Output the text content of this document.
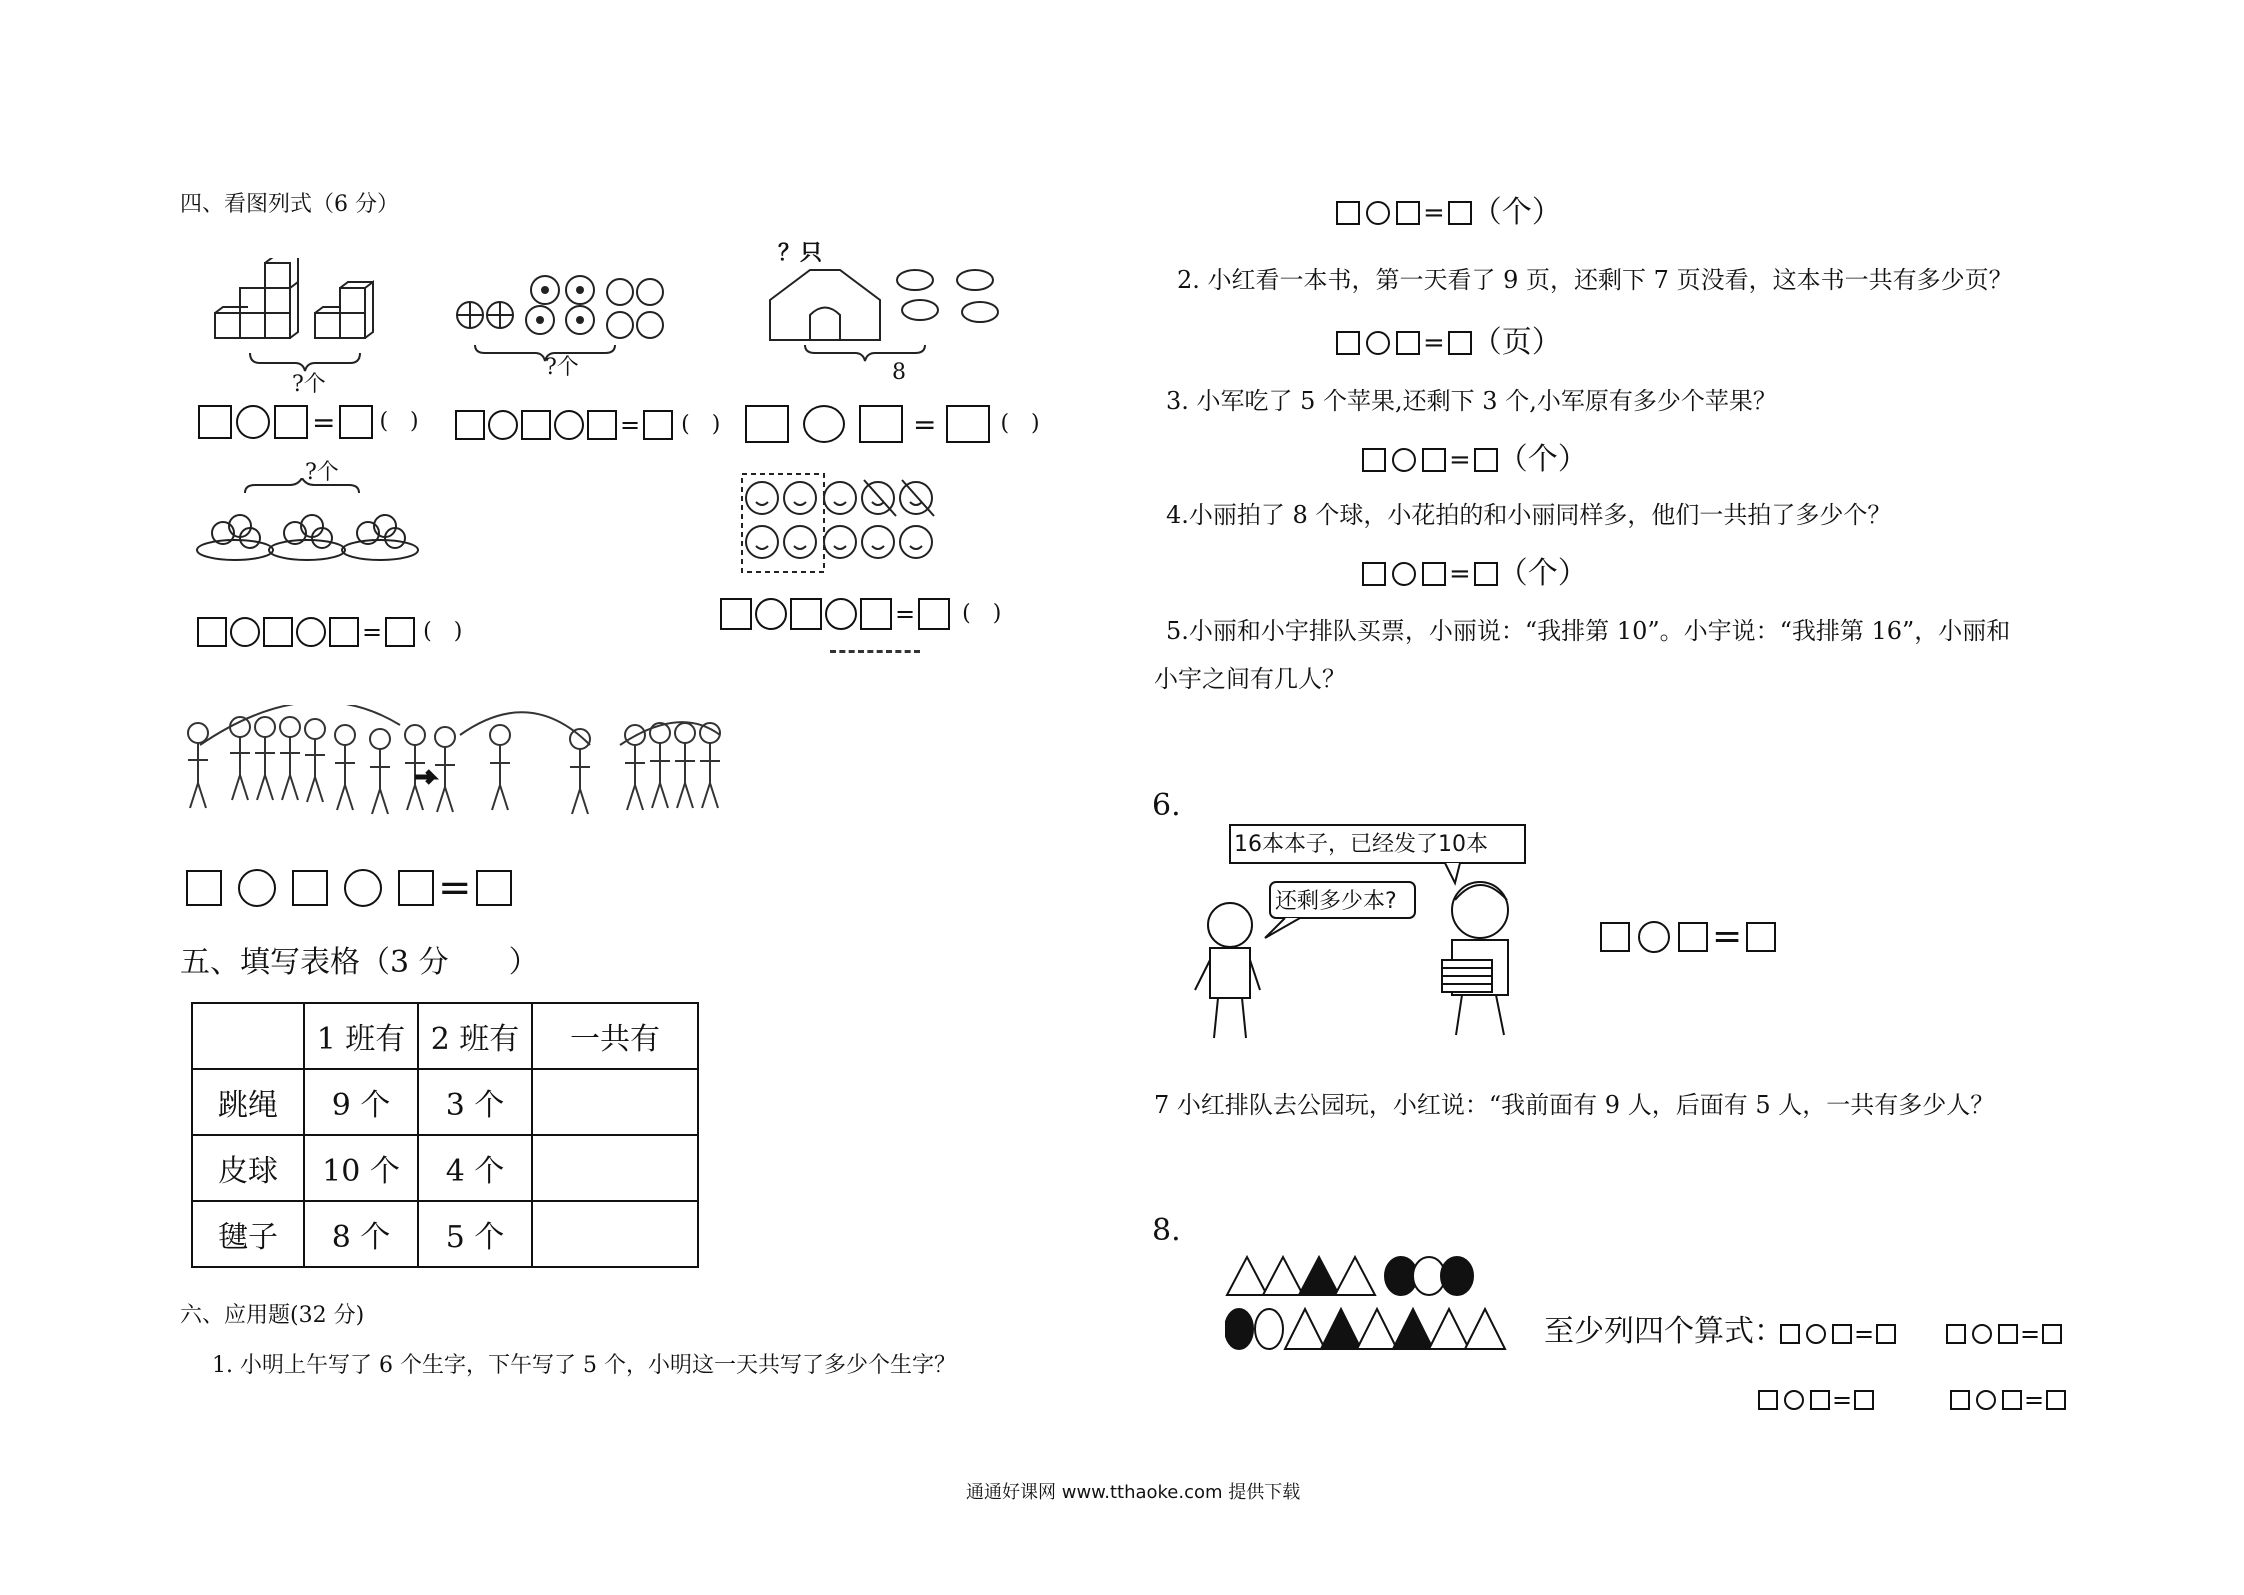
四、看图列式（6 分）
?个
?个
？只
8
= (　)	= (　)	=	(　)
?个
= (　)
= (　)
=
五、填写表格（3 分　　）
	1 班有	2 班有	一共有
跳绳	9 个	3 个	
皮球	10 个	4 个	
毽子	8 个	5 个	
六、应用题(32 分)
1. 小明上午写了 6 个生字，下午写了 5 个，小明这一天共写了多少个生字？
= （个）
2. 小红看一本书，第一天看了 9 页，还剩下 7 页没看，这本书一共有多少页？
= （页）
3. 小军吃了 5 个苹果,还剩下 3 个,小军原有多少个苹果？
= （个）
4.小丽拍了 8 个球，小花拍的和小丽同样多，他们一共拍了多少个？
= （个）
5.小丽和小宇排队买票，小丽说：“我排第 10”。小宇说：“我排第 16”，小丽和
小宇之间有几人？
6.
16本本子，已经发了10本
还剩多少本?
=
7 小红排队去公园玩，小红说：“我前面有 9 人，后面有 5 人，一共有多少人？
8.
至少列四个算式：	=	=
=	=
通通好课网 www.tthaoke.com 提供下载
